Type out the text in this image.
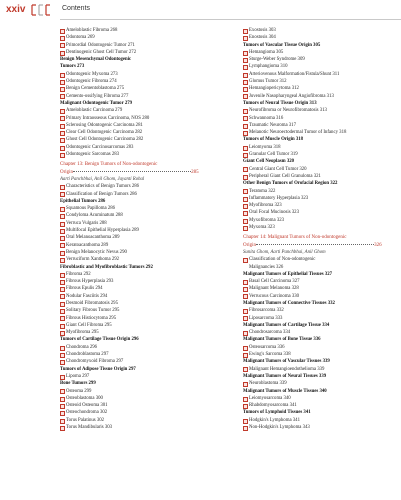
xxiv	Contents
Ameloblastic Fibroma 268
Odontoma 269
Primordial Odontogenic Tumor 271
Dentinogenic Ghost Cell Tumor 272
Benign Mesenchymal Odontogenic
Tumors 273
Odontogenic Myxoma 273
Odontogenic Fibroma 274
Benign Cementoblastoma 275
Cemento-ossifying Fibroma 277
Malignant Odontogenic Tumor 279
Ameloblastic Carcinoma 279
Primary Intraosseous Carcinoma, NOS 280
Sclerosing Odontogenic Carcinoma 281
Clear Cell Odontogenic Carcinoma 282
Ghost Cell Odontogenic Carcinoma 282
Odontogenic Carcinosarcomas 283
Odontogenic Sarcomas 283
Chapter 13: Benign Tumors of Non-odontogenic
Origin	285
Aarti Panchbhai, Anil Ghom, Jayanti Rohal
Characteristics of Benign Tumors 286
Classification of Benign Tumors 286
Epithelial Tumors 286
Squamous Papilloma 286
Condyloma Acuminatum 288
Verruca Vulgaris 288
Multifocal Epithelial Hyperplasia 289
Oral Melanoacanthoma 289
Keratoacanthoma 289
Benign Melanocytic Nevus 290
Verruciform Xanthoma 292
Fibroblastic and Myofibroblastic Tumors 292
Fibroma 292
Fibrous Hyperplasia 293
Fibrous Epulis 294
Nodular Fasciitis 294
Desmoid Fibromatosis 295
Solitary Fibrous Tumor 295
Fibrous Histiocytoma 295
Giant Cell Fibroma 295
Myofibroma 295
Tumors of Cartilage Tissue Origin 296
Chondroma 296
Chondroblastoma 297
Chondromyxoid Fibroma 297
Tumors of Adipose Tissue Origin 297
Lipoma 297
Bone Tumors 299
Osteoma 299
Osteoblastoma 300
Osteoid Osteoma 301
Osteochondroma 302
Torus Palatinus 302
Torus Mandibularis 303
Exostosis 303
Enostosis 304
Tumors of Vascular Tissue Origin 305
Hemangioma 305
Sturge-Weber Syndrome 309
Lymphangioma 310
Arteriovenous Malformation/Fistula/Shunt 311
Glomus Tumor 312
Hemangiopericytoma 312
Juvenile Nasopharyngeal Angiofibroma 313
Tumors of Neural Tissue Origin 313
Neurofibroma or Neurofibromatosis 313
Schwannoma 316
Traumatic Neuroma 317
Melanotic Neuroectodermal Tumor of Infancy 318
Tumors of Muscle Origin 318
Leiomyoma 318
Granular Cell Tumor 319
Giant Cell Neoplasm 320
Central Giant Cell Tumor 320
Peripheral Giant Cell Granuloma 321
Other Benign Tumors of Orofacial Region 322
Teratoma 322
Inflammatory Hyperplasia 323
Myofibroma 323
Oral Focal Mucinosis 323
Myxofibroma 323
Myxoma 323
Chapter 14: Malignant Tumors of Non-odontogenic
Origin	326
Sunita Ghom, Aarti Panchbhai, Anil Ghom
Classification of Non-odontogenic
Malignancies 326
Malignant Tumors of Epithelial Tissues 327
Basal Cell Carcinoma 327
Malignant Melanoma 328
Verrucous Carcinoma 330
Malignant Tumors of Connective Tissues 332
Fibrosarcoma 332
Liposarcoma 333
Malignant Tumors of Cartilage Tissue 334
Chondrosarcoma 334
Malignant Tumors of Bone Tissue 336
Osteosarcoma 336
Ewing's Sarcoma 338
Malignant Tumors of Vascular Tissues 339
Malignant Hemangioendothelioma 339
Malignant Tumors of Neural Tissues 339
Neuroblastoma 339
Malignant Tumors of Muscle Tissues 340
Leiomyosarcoma 340
Rhabdomyosarcoma 341
Tumors of Lymphoid Tissues 341
Hodgkin's Lymphoma 341
Non-Hodgkin's Lymphoma 343
